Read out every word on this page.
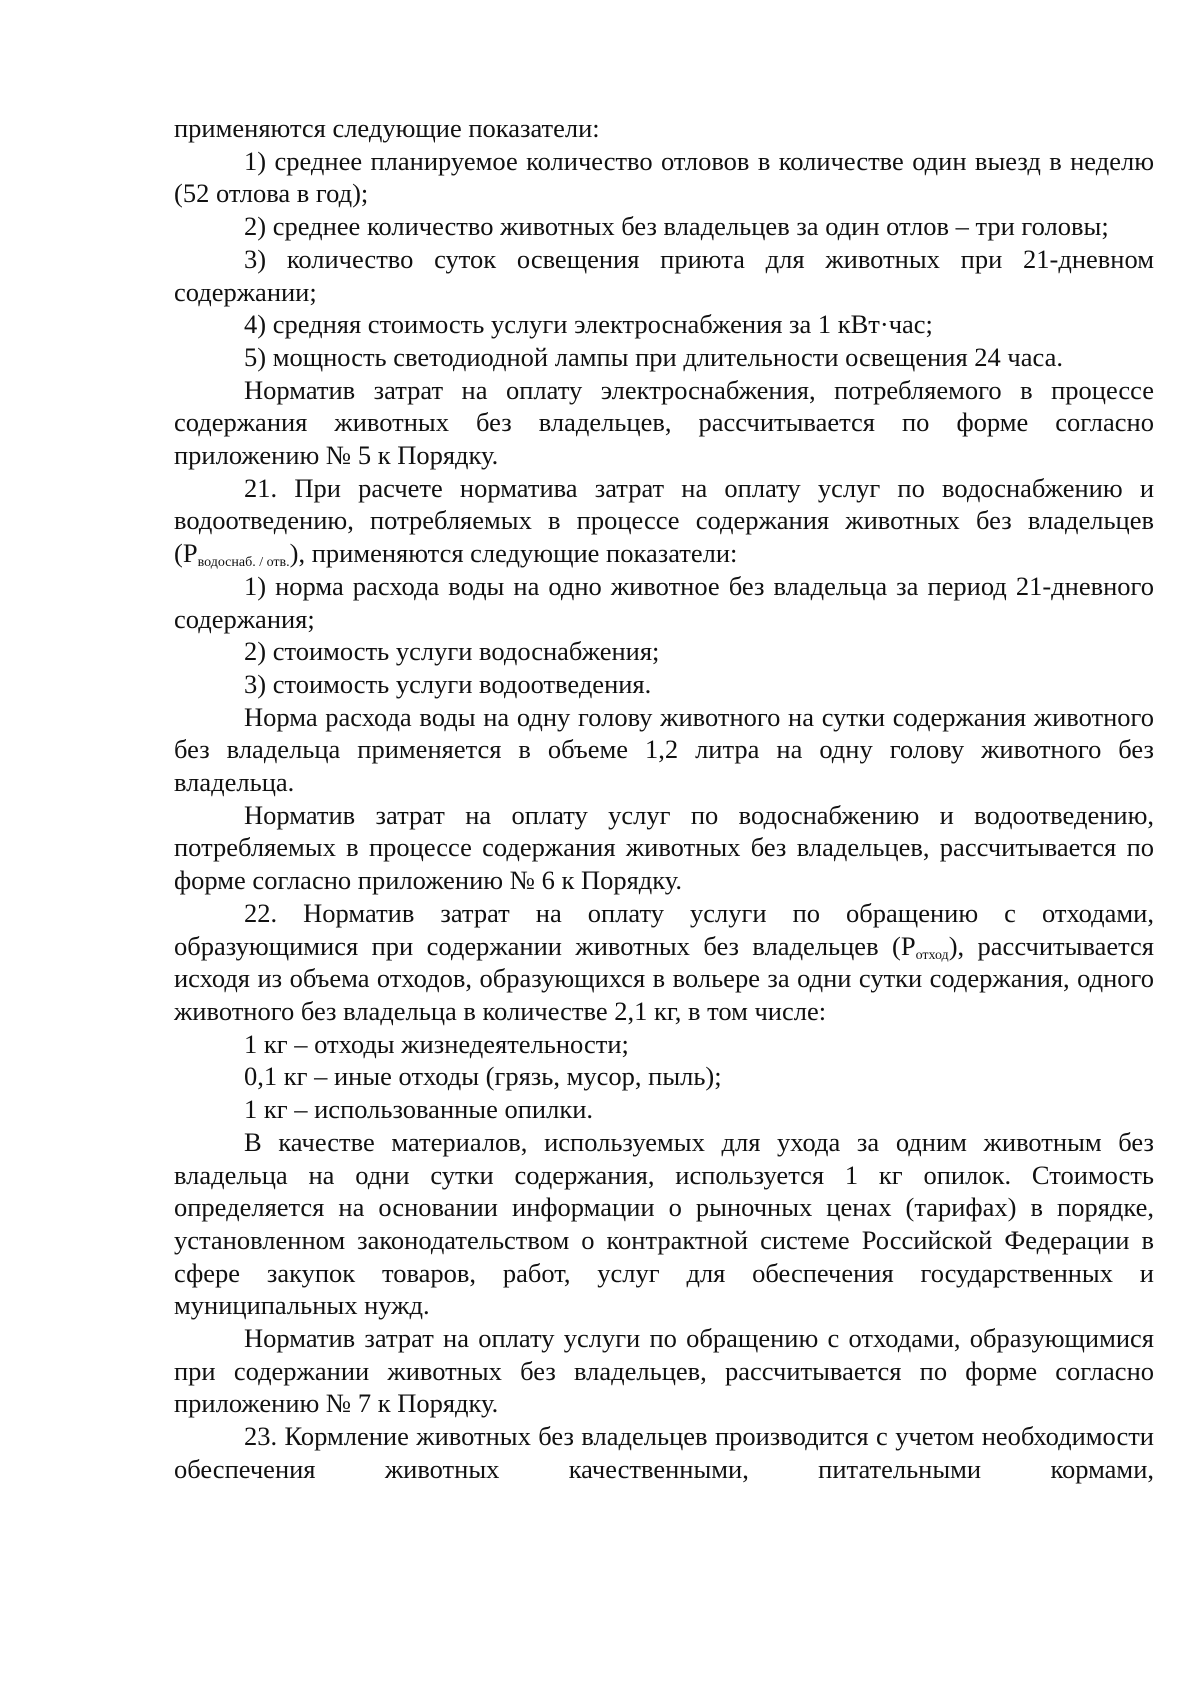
применяются следующие показатели:

1) среднее планируемое количество отловов в количестве один выезд в неделю (52 отлова в год);

2) среднее количество животных без владельцев за один отлов – три головы;

3) количество суток освещения приюта для животных при 21-дневном содержании;

4) средняя стоимость услуги электроснабжения за 1 кВт·час;

5) мощность светодиодной лампы при длительности освещения 24 часа.

Норматив затрат на оплату электроснабжения, потребляемого в процессе содержания животных без владельцев, рассчитывается по форме согласно приложению № 5 к Порядку.

21. При расчете норматива затрат на оплату услуг по водоснабжению и водоотведению, потребляемых в процессе содержания животных без владельцев $(P_{водоснаб. / отв.})$, применяются следующие показатели:

1) норма расхода воды на одно животное без владельца за период 21-дневного содержания;

2) стоимость услуги водоснабжения;

3) стоимость услуги водоотведения.

Норма расхода воды на одну голову животного на сутки содержания животного без владельца применяется в объеме 1,2 литра на одну голову животного без владельца.

Норматив затрат на оплату услуг по водоснабжению и водоотведению, потребляемых в процессе содержания животных без владельцев, рассчитывается по форме согласно приложению № 6 к Порядку.

22. Норматив затрат на оплату услуги по обращению с отходами, образующимися при содержании животных без владельцев $(P_{отход})$, рассчитывается исходя из объема отходов, образующихся в вольере за одни сутки содержания, одного животного без владельца в количестве 2,1 кг, в том числе:

1 кг – отходы жизнедеятельности;

0,1 кг – иные отходы (грязь, мусор, пыль);

1 кг – использованные опилки.

В качестве материалов, используемых для ухода за одним животным без владельца на одни сутки содержания, используется 1 кг опилок. Стоимость определяется на основании информации о рыночных ценах (тарифах) в порядке, установленном законодательством о контрактной системе Российской Федерации в сфере закупок товаров, работ, услуг для обеспечения государственных и муниципальных нужд.

Норматив затрат на оплату услуги по обращению с отходами, образующимися при содержании животных без владельцев, рассчитывается по форме согласно приложению № 7 к Порядку.

23. Кормление животных без владельцев производится с учетом необходимости обеспечения животных качественными, питательными кормами,
